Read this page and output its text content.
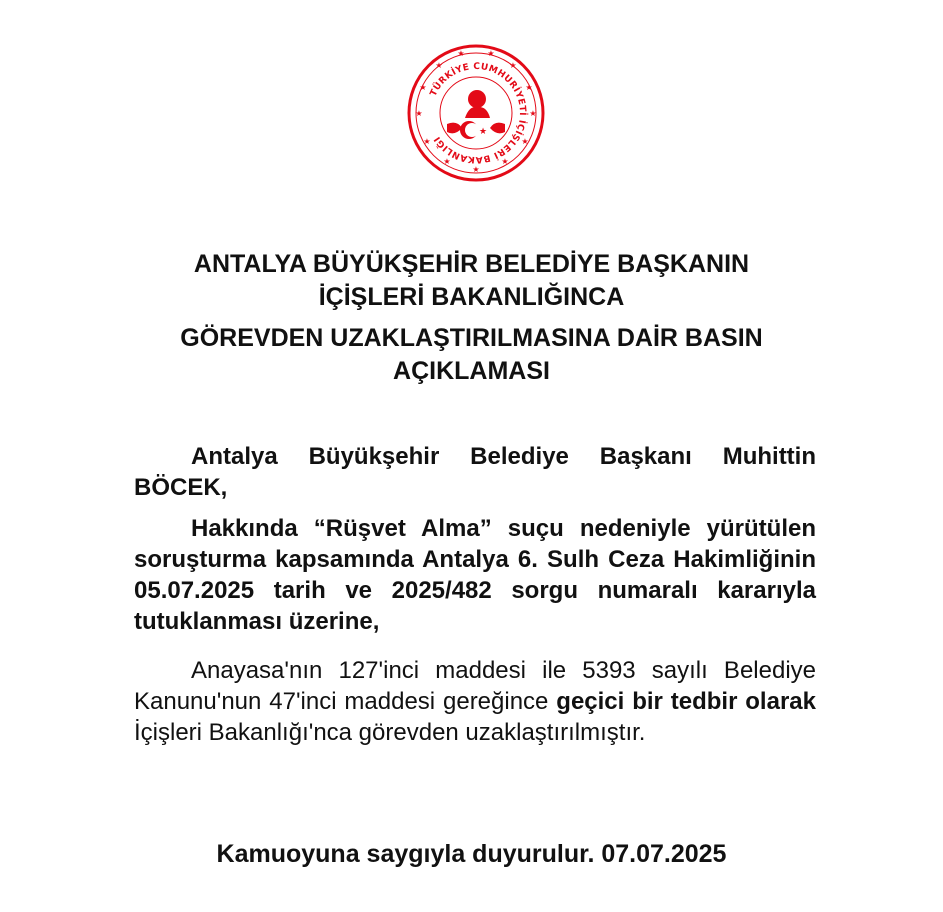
★
★	★
★	★
★	★
★	★
★	★
★	★
TÜRKİYE CUMHURİYETİ İÇİŞLERİ BAKANLIĞI
★
ANTALYA BÜYÜKŞEHİR BELEDİYE BAŞKANIN
İÇİŞLERİ BAKANLIĞINCA
GÖREVDEN UZAKLAŞTIRILMASINA DAİR BASIN
AÇIKLAMASI
Antalya Büyükşehir Belediye Başkanı Muhittin BÖCEK,
Hakkında “Rüşvet Alma” suçu nedeniyle yürütülen soruşturma kapsamında Antalya 6. Sulh Ceza Hakimliğinin 05.07.2025 tarih ve 2025/482 sorgu numaralı kararıyla tutuklanması üzerine,
Anayasa'nın 127'inci maddesi ile 5393 sayılı Belediye Kanunu'nun 47'inci maddesi gereğince geçici bir tedbir olarak İçişleri Bakanlığı'nca görevden uzaklaştırılmıştır.
Kamuoyuna saygıyla duyurulur. 07.07.2025
